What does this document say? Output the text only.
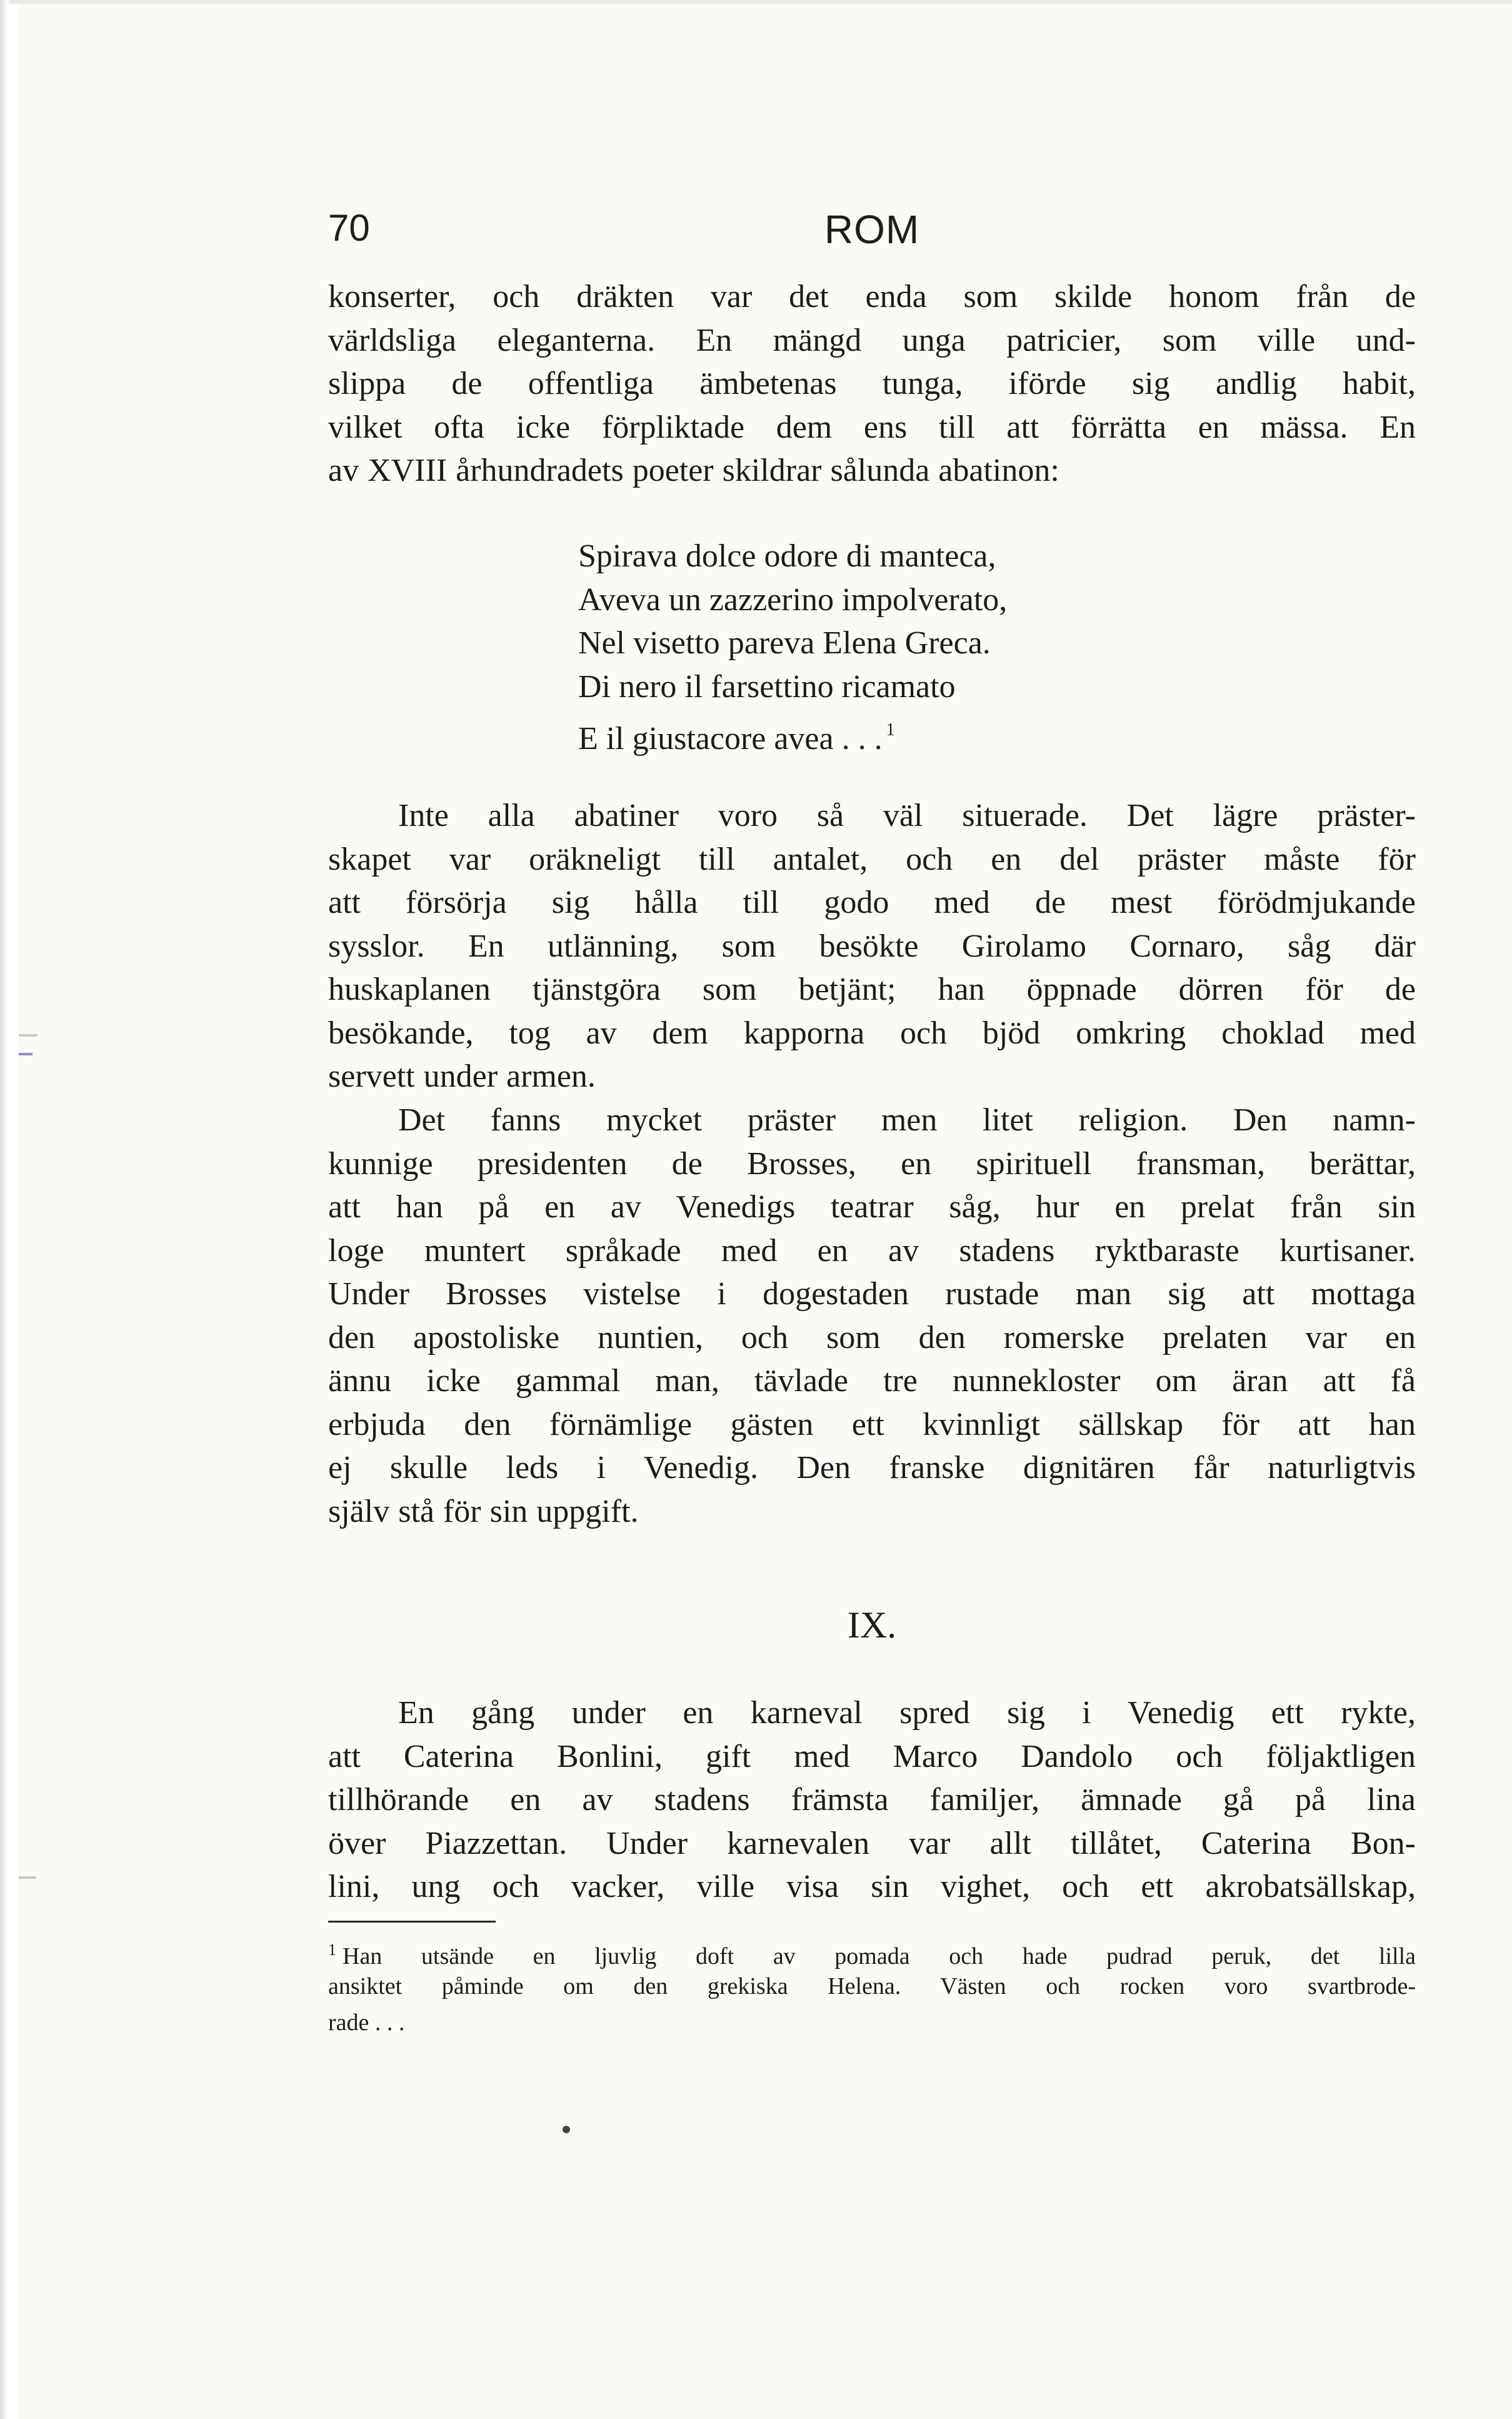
70	ROM
konserter, och dräkten var det enda som skilde honom från de
världsliga eleganterna. En mängd unga patricier, som ville und-
slippa de offentliga ämbetenas tunga, iförde sig andlig habit,
vilket ofta icke förpliktade dem ens till att förrätta en mässa. En
av XVIII århundradets poeter skildrar sålunda abatinon:
Spirava dolce odore di manteca,
Aveva un zazzerino impolverato,
Nel visetto pareva Elena Greca.
Di nero il farsettino ricamato
E il giustacore avea . . . $^1$
Inte alla abatiner voro så väl situerade. Det lägre präster-
skapet var oräkneligt till antalet, och en del präster måste för
att försörja sig hålla till godo med de mest förödmjukande
sysslor. En utlänning, som besökte Girolamo Cornaro, såg där
huskaplanen tjänstgöra som betjänt; han öppnade dörren för de
besökande, tog av dem kapporna och bjöd omkring choklad med
servett under armen.
Det fanns mycket präster men litet religion. Den namn-
kunnige presidenten de Brosses, en spirituell fransman, berättar,
att han på en av Venedigs teatrar såg, hur en prelat från sin
loge muntert språkade med en av stadens ryktbaraste kurtisaner.
Under Brosses vistelse i dogestaden rustade man sig att mottaga
den apostoliske nuntien, och som den romerske prelaten var en
ännu icke gammal man, tävlade tre nunnekloster om äran att få
erbjuda den förnämlige gästen ett kvinnligt sällskap för att han
ej skulle leds i Venedig. Den franske dignitären får naturligtvis
själv stå för sin uppgift.
IX.
En gång under en karneval spred sig i Venedig ett rykte,
att Caterina Bonlini, gift med Marco Dandolo och följaktligen
tillhörande en av stadens främsta familjer, ämnade gå på lina
över Piazzettan. Under karnevalen var allt tillåtet, Caterina Bon-
lini, ung och vacker, ville visa sin vighet, och ett akrobatsällskap,
$^1$ Han utsände en ljuvlig doft av pomada och hade pudrad peruk, det lilla
ansiktet påminde om den grekiska Helena. Västen och rocken voro svartbrode-
rade . . .
